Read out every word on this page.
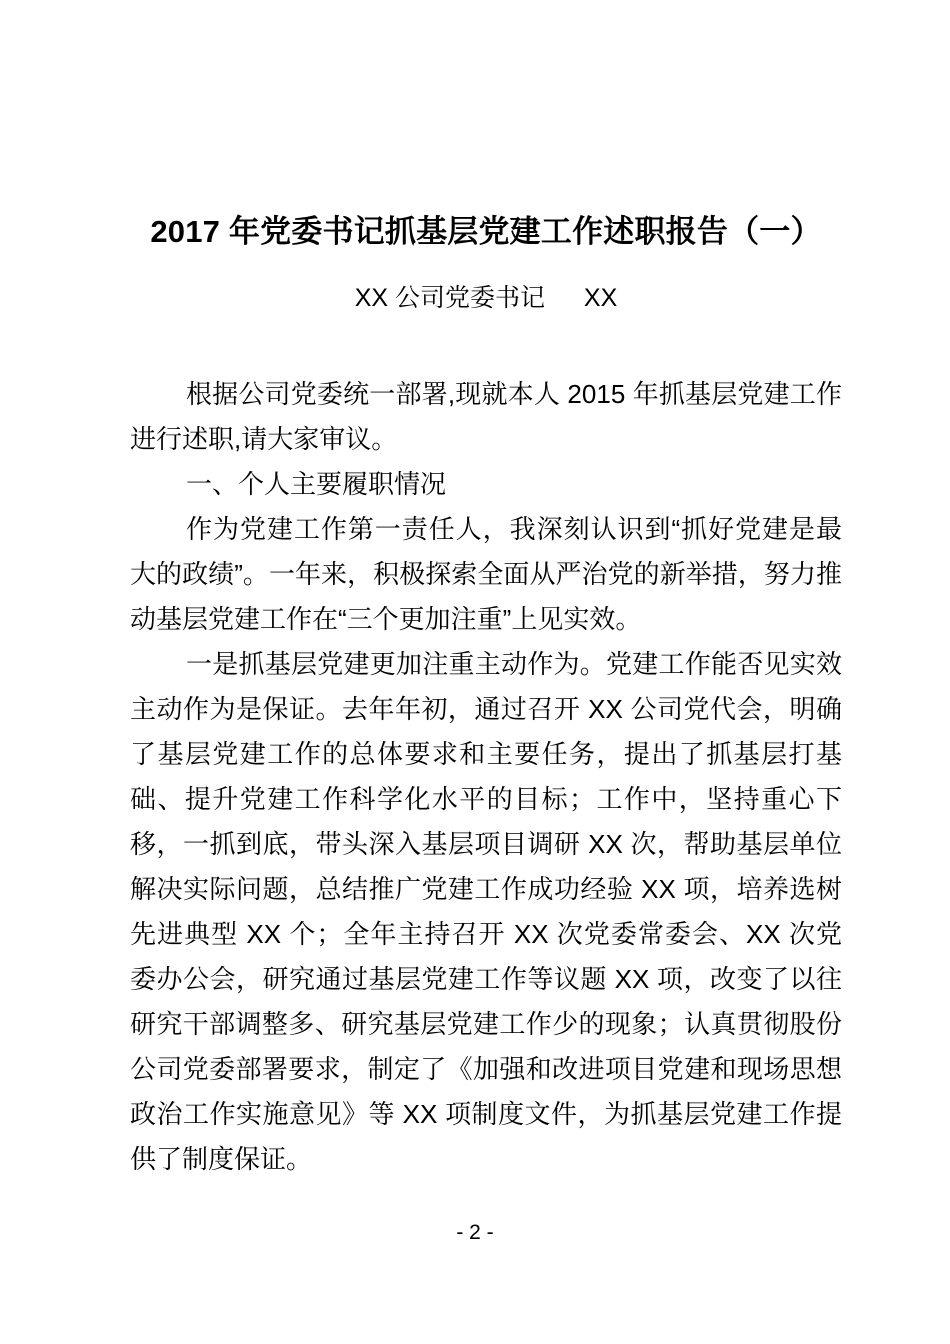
2017 年党委书记抓基层党建工作述职报告（一）
XX 公司党委书记　  XX

根据公司党委统一部署,现就本人 2015 年抓基层党建工作进行述职,请大家审议。

一、个人主要履职情况

作为党建工作第一责任人，我深刻认识到“抓好党建是最大的政绩”。一年来，积极探索全面从严治党的新举措，努力推动基层党建工作在“三个更加注重”上见实效。

一是抓基层党建更加注重主动作为。党建工作能否见实效主动作为是保证。去年年初，通过召开 XX 公司党代会，明确了基层党建工作的总体要求和主要任务，提出了抓基层打基础、提升党建工作科学化水平的目标；工作中，坚持重心下移，一抓到底，带头深入基层项目调研 XX 次，帮助基层单位解决实际问题，总结推广党建工作成功经验 XX 项，培养选树先进典型 XX 个；全年主持召开 XX 次党委常委会、XX 次党委办公会，研究通过基层党建工作等议题 XX 项，改变了以往研究干部调整多、研究基层党建工作少的现象；认真贯彻股份公司党委部署要求，制定了《加强和改进项目党建和现场思想政治工作实施意见》等 XX 项制度文件，为抓基层党建工作提供了制度保证。

- 2 -
